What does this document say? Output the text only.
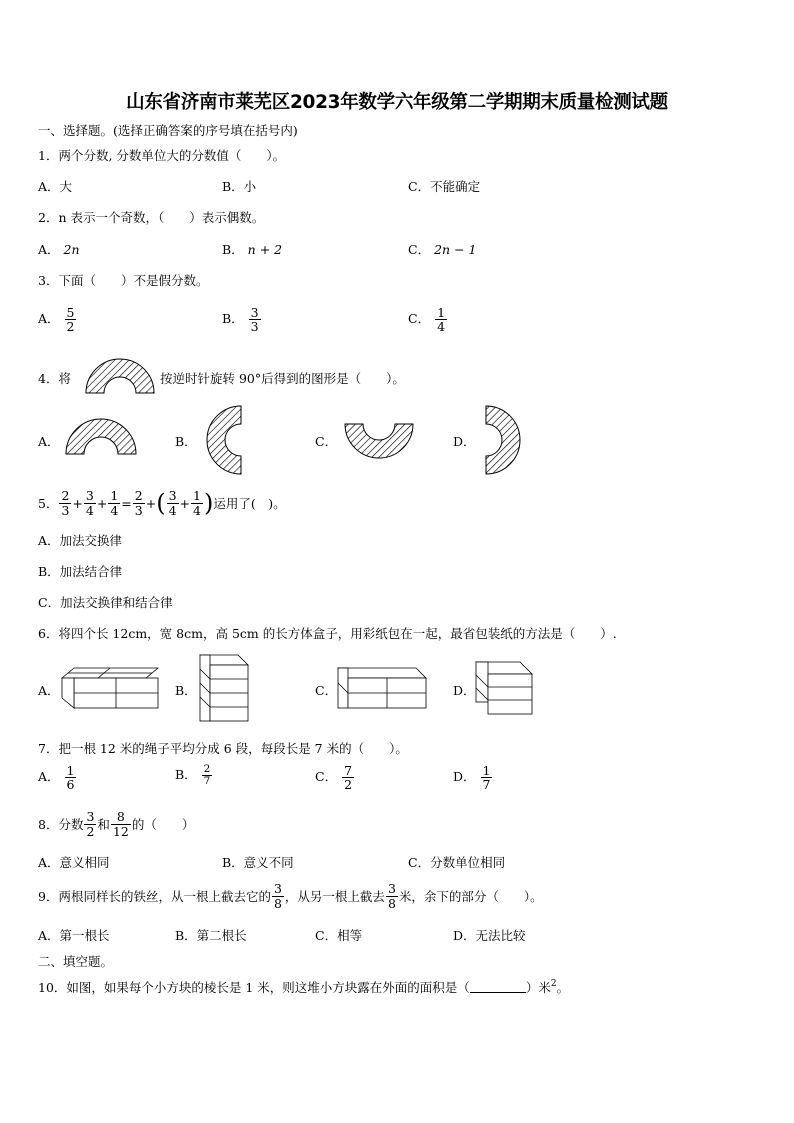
山东省济南市莱芜区2023年数学六年级第二学期期末质量检测试题
一、选择题。(选择正确答案的序号填在括号内)
1．两个分数, 分数单位大的分数值（　　）。
A．大	B．小	C．不能确定
2．n 表示一个奇数，（　　）表示偶数。
A． 2n	B． n + 2	C． 2n − 1
3．下面（　　）不是假分数。
A． $\frac{5}{2}$	B． $\frac{3}{3}$	C． $\frac{1}{4}$
4．将	按逆时针旋转 90°后得到的图形是（　　）。
A．	B．	C．	D．
5． $\frac{2}{3} + \frac{3}{4} + \frac{1}{4} = \frac{2}{3}$ + ( $\frac{3}{4} + \frac{1}{4}$ ) 运用了(　)。
A．加法交换律
B．加法结合律
C．加法交换律和结合律
6．将四个长 12cm，宽 8cm，高 5cm 的长方体盒子，用彩纸包在一起，最省包装纸的方法是（　　）.
A．	B．	C．	D．
7．把一根 12 米的绳子平均分成 6 段，每段长是 7 米的（　　）。
A． $\frac{1}{6}$	B． $\frac{2}{7}$	C． $\frac{7}{2}$	D． $\frac{1}{7}$
8．分数 $\frac{3}{2}$ 和 $\frac{8}{12}$ 的（　　）
A．意义相同	B．意义不同	C．分数单位相同
9．两根同样长的铁丝，从一根上截去它的 $\frac{3}{8}$ ，从另一根上截去 $\frac{3}{8}$ 米，余下的部分（　　）。
A．第一根长	B．第二根长	C．相等	D．无法比较
二、填空题。
10．如图，如果每个小方块的棱长是 1 米，则这堆小方块露在外面的面积是（	）米$^2$。
